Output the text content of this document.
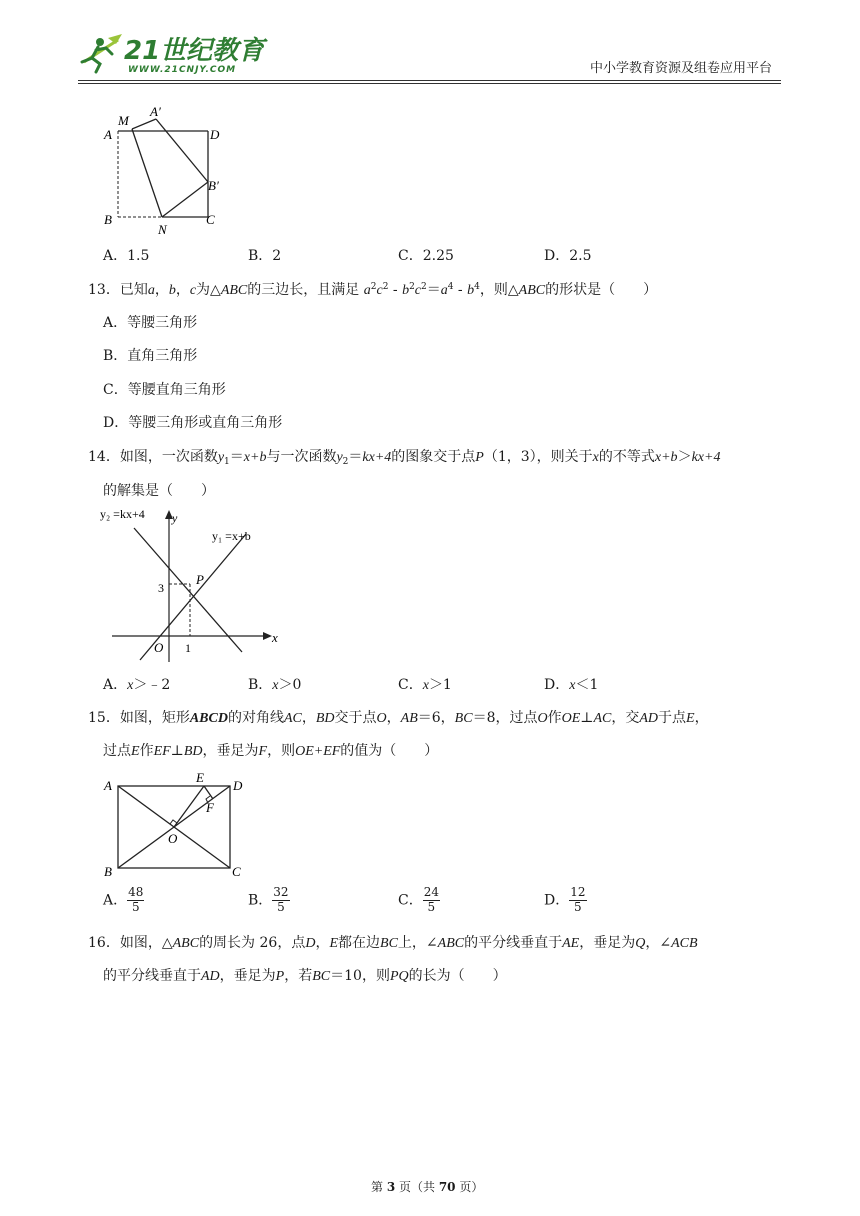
21世纪教育
WWW.21CNJY.COM	中小学教育资源及组卷应用平台
M
A′
A	D
B′
B
N
C
A．1.5	B．2	C．2.25	D．2.5
13．已知a，b，c为△ABC的三边长，且满足 $a^2c^2 - b^2c^2=a^4 - b^4$，则△ABC的形状是（　　）
A．等腰三角形
B．直角三角形
C．等腰直角三角形
D．等腰三角形或直角三角形
14．如图，一次函数$y_1=x+b$与一次函数$y_2=kx+4$的图象交于点P（1，3），则关于x的不等式x+b＞kx+4
的解集是（　　）
y₂ =kx+4 y
y₁ =x+b
P
3
x
O 1
A．x＞﹣2	B．x＞0	C．x＞1	D．x＜1
15．如图，矩形ABCD的对角线AC，BD交于点O，AB＝6，BC＝8，过点O作OE⊥AC，交AD于点E，
过点E作EF⊥BD，垂足为F，则OE+EF的值为（　　）
A
E
D
F
O
B	C
A． $\frac{48}{5}$	B． $\frac{32}{5}$	C． $\frac{24}{5}$	D． $\frac{12}{5}$
16．如图，△ABC的周长为 26，点D，E都在边BC上，∠ABC的平分线垂直于AE，垂足为Q，∠ACB
的平分线垂直于AD，垂足为P，若BC＝10，则PQ的长为（　　）
第 3 页（共 70 页）
